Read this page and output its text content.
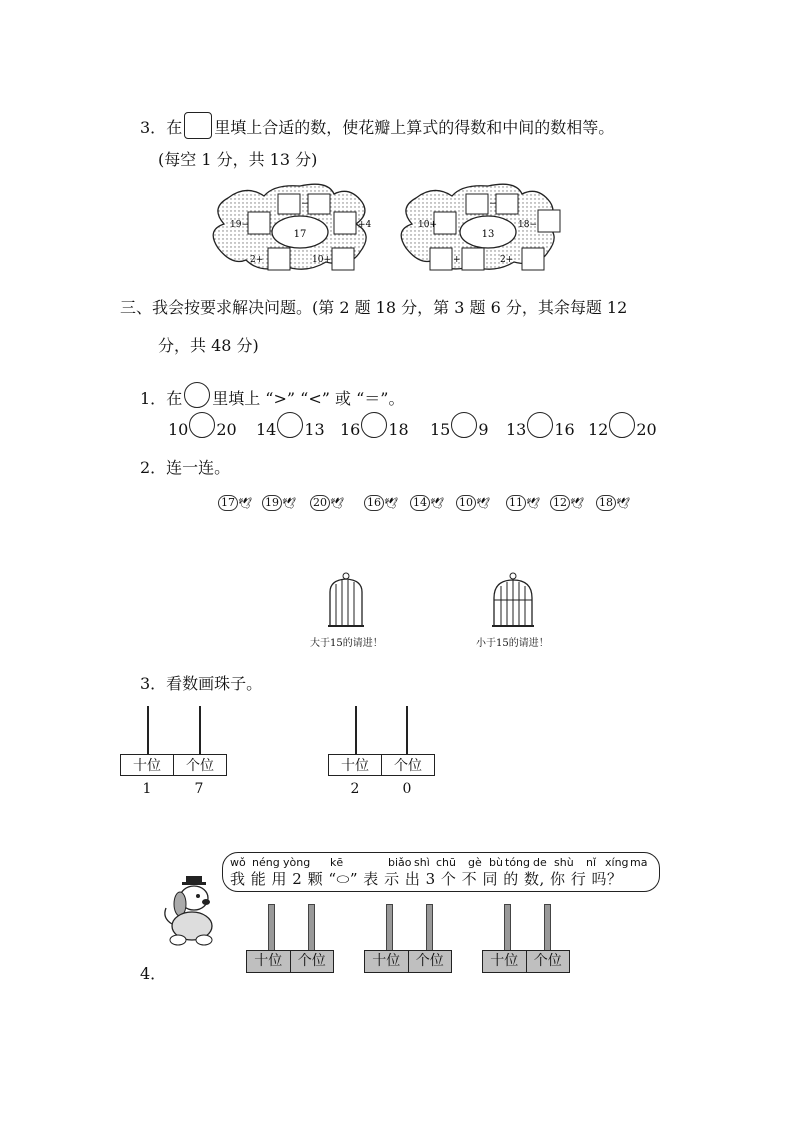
3．在 里填上合适的数，使花瓣上算式的得数和中间的数相等。
(每空 1 分，共 13 分)
17
19−
−
+4
2+	10+
13
10+
−
18−
+	2+
三、我会按要求解决问题。(第 2 题 18 分，第 3 题 6 分，其余每题 12
分，共 48 分)
1．在 里填上 “>” “<” 或 “＝”。
10 20 14 13 16 18 15 9 13 16 12 20
2．连一连。
17 🕊 19 🕊 20 🕊 16 🕊 14 🕊 10 🕊 11 🕊 12 🕊 18 🕊
大于15的请进！	小于15的请进！
3．看数画珠子。
十位	个位
1	7
十位	个位
2	0
wǒ néng yòng kē	biǎo shì chū gè bù tóng de shù nǐ xíng ma
我 能 用 2 颗 “⬭” 表 示 出 3 个 不 同 的 数, 你 行 吗？
4．
十位	个位	十位	个位	十位	个位
